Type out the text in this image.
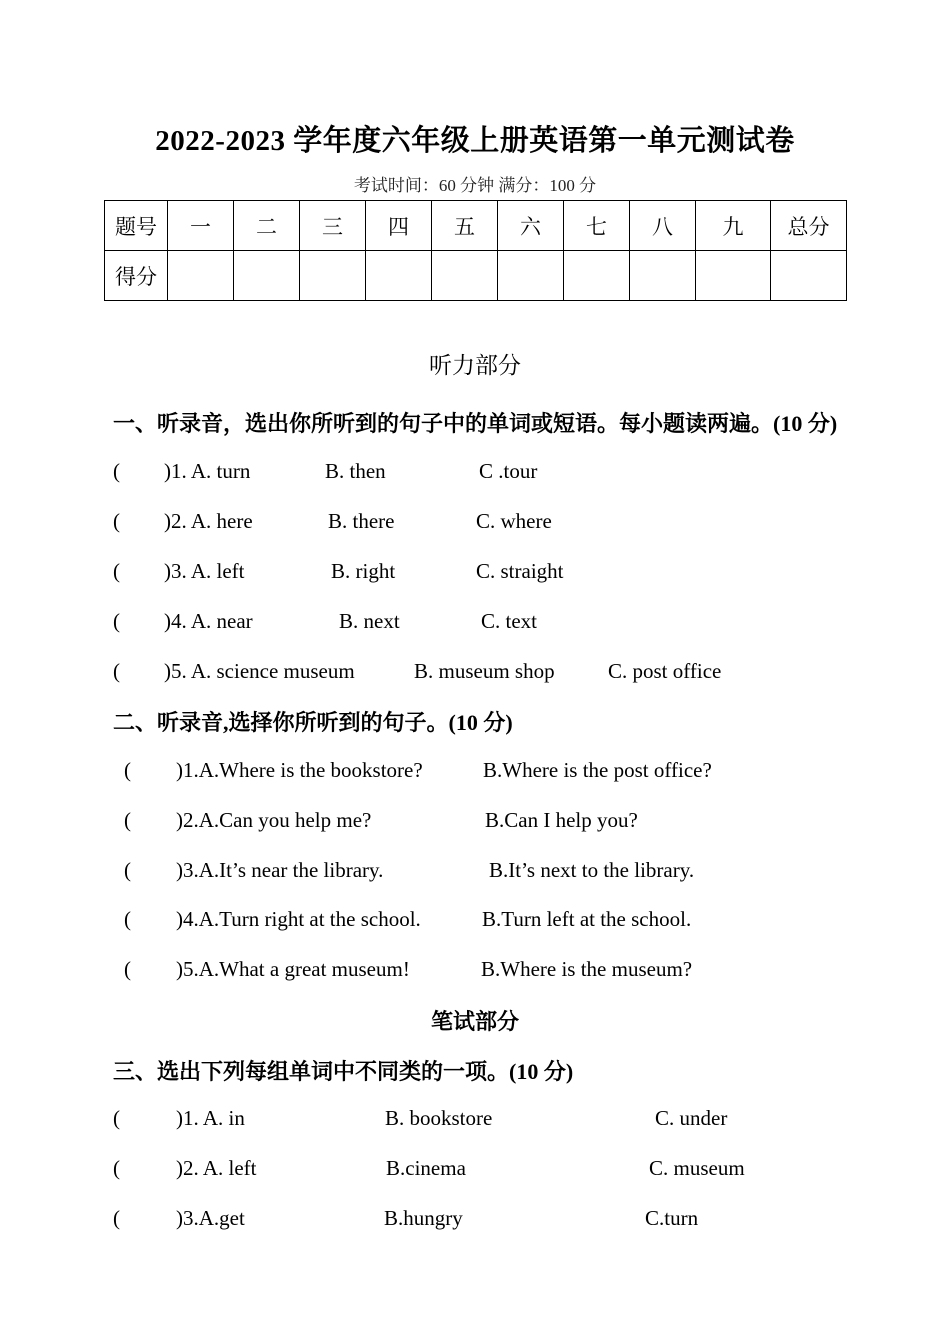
2022-2023 学年度六年级上册英语第一单元测试卷
考试时间：60 分钟 满分：100 分
题号	一	二	三	四	五	六	七	八	九	总分
得分										
听力部分
一、听录音，选出你所听到的句子中的单词或短语。每小题读两遍。(10 分)
( )1. A. turn	B. then	C .tour
( )2. A. here	B. there	C. where
( )3. A. left	B. right	C. straight
( )4. A. near	B. next	C. text
( )5. A. science museum	B. museum shop	C. post office
二、听录音,选择你所听到的句子。(10 分)
( )1.A.Where is the bookstore?	B.Where is the post office?
( )2.A.Can you help me?	B.Can I help you?
( )3.A.It’s near the library.	B.It’s next to the library.
( )4.A.Turn right at the school.	B.Turn left at the school.
( )5.A.What a great museum!	B.Where is the museum?
笔试部分
三、选出下列每组单词中不同类的一项。(10 分)
(	)1. A. in	B. bookstore	C. under
(	)2. A. left	B.cinema	C. museum
(	)3.A.get	B.hungry	C.turn
